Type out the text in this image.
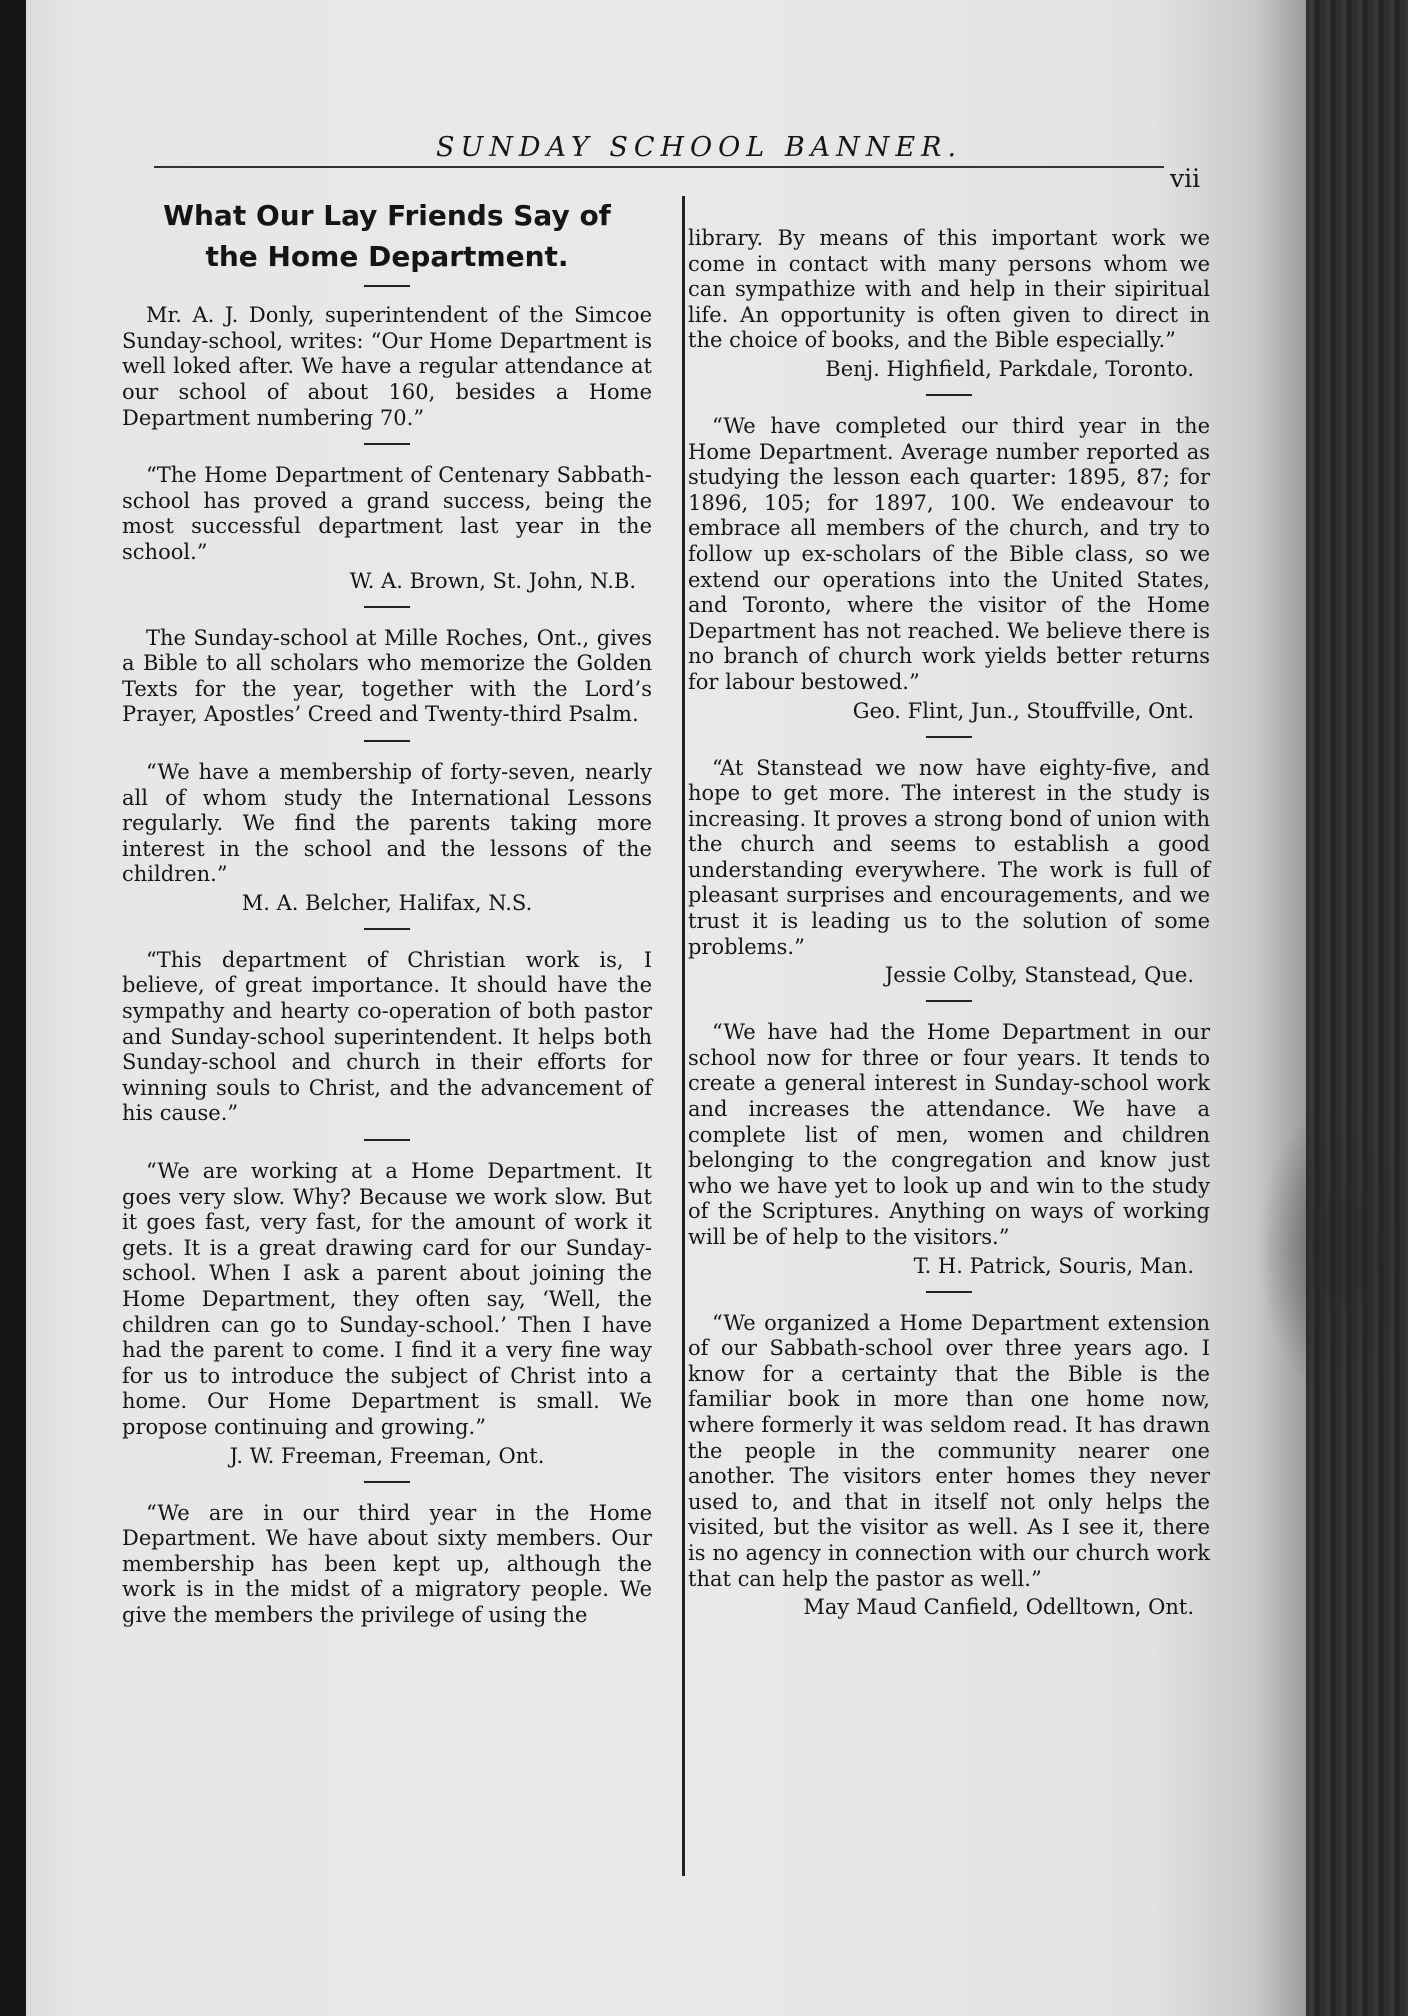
SUNDAY SCHOOL BANNER.
vii
What Our Lay Friends Say of
the Home Department.

Mr. A. J. Donly, superintendent of the Simcoe Sunday-school, writes: “Our Home Department is well loked after. We have a regular attendance at our school of about 160, besides a Home Department numbering 70.”

“The Home Department of Centenary Sabbath-school has proved a grand success, being the most successful department last year in the school.”

W. A. Brown, St. John, N.B.

The Sunday-school at Mille Roches, Ont., gives a Bible to all scholars who memorize the Golden Texts for the year, together with the Lord’s Prayer, Apostles’ Creed and Twenty-third Psalm.

“We have a membership of forty-seven, nearly all of whom study the International Lessons regularly. We find the parents taking more interest in the school and the lessons of the children.”

M. A. Belcher, Halifax, N.S.

“This department of Christian work is, I believe, of great importance. It should have the sympathy and hearty co-operation of both pastor and Sunday-school superintendent. It helps both Sunday-school and church in their efforts for winning souls to Christ, and the advancement of his cause.”

“We are working at a Home Department. It goes very slow. Why? Because we work slow. But it goes fast, very fast, for the amount of work it gets. It is a great drawing card for our Sunday-school. When I ask a parent about joining the Home Department, they often say, ‘Well, the children can go to Sunday-school.’ Then I have had the parent to come. I find it a very fine way for us to introduce the subject of Christ into a home. Our Home Department is small. We propose continuing and growing.”

J. W. Freeman, Freeman, Ont.

“We are in our third year in the Home Department. We have about sixty members. Our membership has been kept up, although the work is in the midst of a migratory people. We give the members the privilege of using the

library. By means of this important work we come in contact with many persons whom we can sympathize with and help in their sipiritual life. An opportunity is often given to direct in the choice of books, and the Bible especially.”

Benj. Highfield, Parkdale, Toronto.

“We have completed our third year in the Home Department. Average number reported as studying the lesson each quarter: 1895, 87; for 1896, 105; for 1897, 100. We endeavour to embrace all members of the church, and try to follow up ex-scholars of the Bible class, so we extend our operations into the United States, and Toronto, where the visitor of the Home Department has not reached. We believe there is no branch of church work yields better returns for labour bestowed.”

Geo. Flint, Jun., Stouffville, Ont.

“At Stanstead we now have eighty-five, and hope to get more. The interest in the study is increasing. It proves a strong bond of union with the church and seems to establish a good understanding everywhere. The work is full of pleasant surprises and encouragements, and we trust it is leading us to the solution of some problems.”

Jessie Colby, Stanstead, Que.

“We have had the Home Department in our school now for three or four years. It tends to create a general interest in Sunday-school work and increases the attendance. We have a complete list of men, women and children belonging to the congregation and know just who we have yet to look up and win to the study of the Scriptures. Anything on ways of working will be of help to the visitors.”

T. H. Patrick, Souris, Man.

“We organized a Home Department extension of our Sabbath-school over three years ago. I know for a certainty that the Bible is the familiar book in more than one home now, where formerly it was seldom read. It has drawn the people in the community nearer one another. The visitors enter homes they never used to, and that in itself not only helps the visited, but the visitor as well. As I see it, there is no agency in connection with our church work that can help the pastor as well.”

May Maud Canfield, Odelltown, Ont.
